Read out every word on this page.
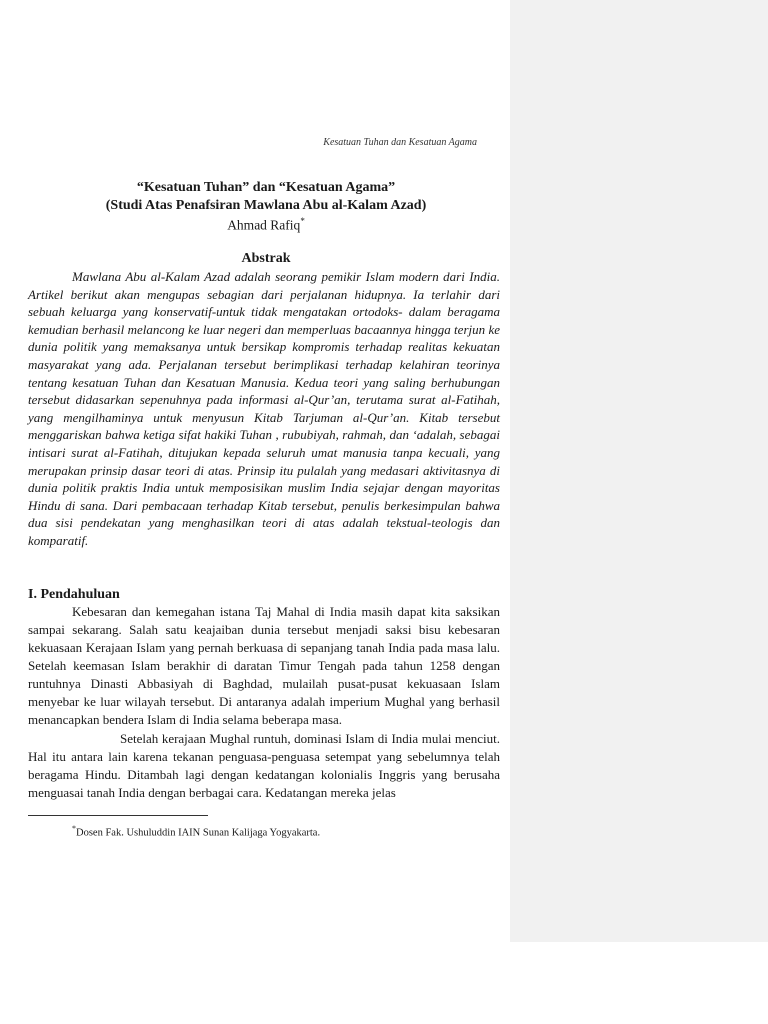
Kesatuan Tuhan dan Kesatuan Agama
“Kesatuan Tuhan” dan “Kesatuan Agama”
(Studi Atas Penafsiran Mawlana Abu al-Kalam Azad)
Ahmad Rafiq*
Abstrak

Mawlana Abu al-Kalam Azad adalah seorang pemikir Islam modern dari India. Artikel berikut akan mengupas sebagian dari perjalanan hidupnya. Ia terlahir dari sebuah keluarga yang konservatif-untuk tidak mengatakan ortodoks- dalam beragama kemudian berhasil melancong ke luar negeri dan memperluas bacaannya hingga terjun ke dunia politik yang memaksanya untuk bersikap kompromis terhadap realitas kekuatan masyarakat yang ada. Perjalanan tersebut berimplikasi terhadap kelahiran teorinya tentang kesatuan Tuhan dan Kesatuan Manusia. Kedua teori yang saling berhubungan tersebut didasarkan sepenuhnya pada informasi al-Qur’an, terutama surat al-Fatihah, yang mengilhaminya untuk menyusun Kitab Tarjuman al-Qur’an. Kitab tersebut menggariskan bahwa ketiga sifat hakiki Tuhan , rububiyah, rahmah, dan ‘adalah, sebagai intisari surat al-Fatihah, ditujukan kepada seluruh umat manusia tanpa kecuali, yang merupakan prinsip dasar teori di atas. Prinsip itu pulalah yang medasari aktivitasnya di dunia politik praktis India untuk memposisikan muslim India sejajar dengan mayoritas Hindu di sana. Dari pembacaan terhadap Kitab tersebut, penulis berkesimpulan bahwa dua sisi pendekatan yang menghasilkan teori di atas adalah tekstual-teologis dan komparatif.

I. Pendahuluan

Kebesaran dan kemegahan istana Taj Mahal di India masih dapat kita saksikan sampai sekarang. Salah satu keajaiban dunia tersebut menjadi saksi bisu kebesaran kekuasaan Kerajaan Islam yang pernah berkuasa di sepanjang tanah India pada masa lalu. Setelah keemasan Islam berakhir di daratan Timur Tengah pada tahun 1258 dengan runtuhnya Dinasti Abbasiyah di Baghdad, mulailah pusat-pusat kekuasaan Islam menyebar ke luar wilayah tersebut. Di antaranya adalah imperium Mughal yang berhasil menancapkan bendera Islam di India selama beberapa masa.

Setelah kerajaan Mughal runtuh, dominasi Islam di India mulai menciut. Hal itu antara lain karena tekanan penguasa-penguasa setempat yang sebelumnya telah beragama Hindu. Ditambah lagi dengan kedatangan kolonialis Inggris yang berusaha menguasai tanah India dengan berbagai cara. Kedatangan mereka jelas

*Dosen Fak. Ushuluddin IAIN Sunan Kalijaga Yogyakarta.
